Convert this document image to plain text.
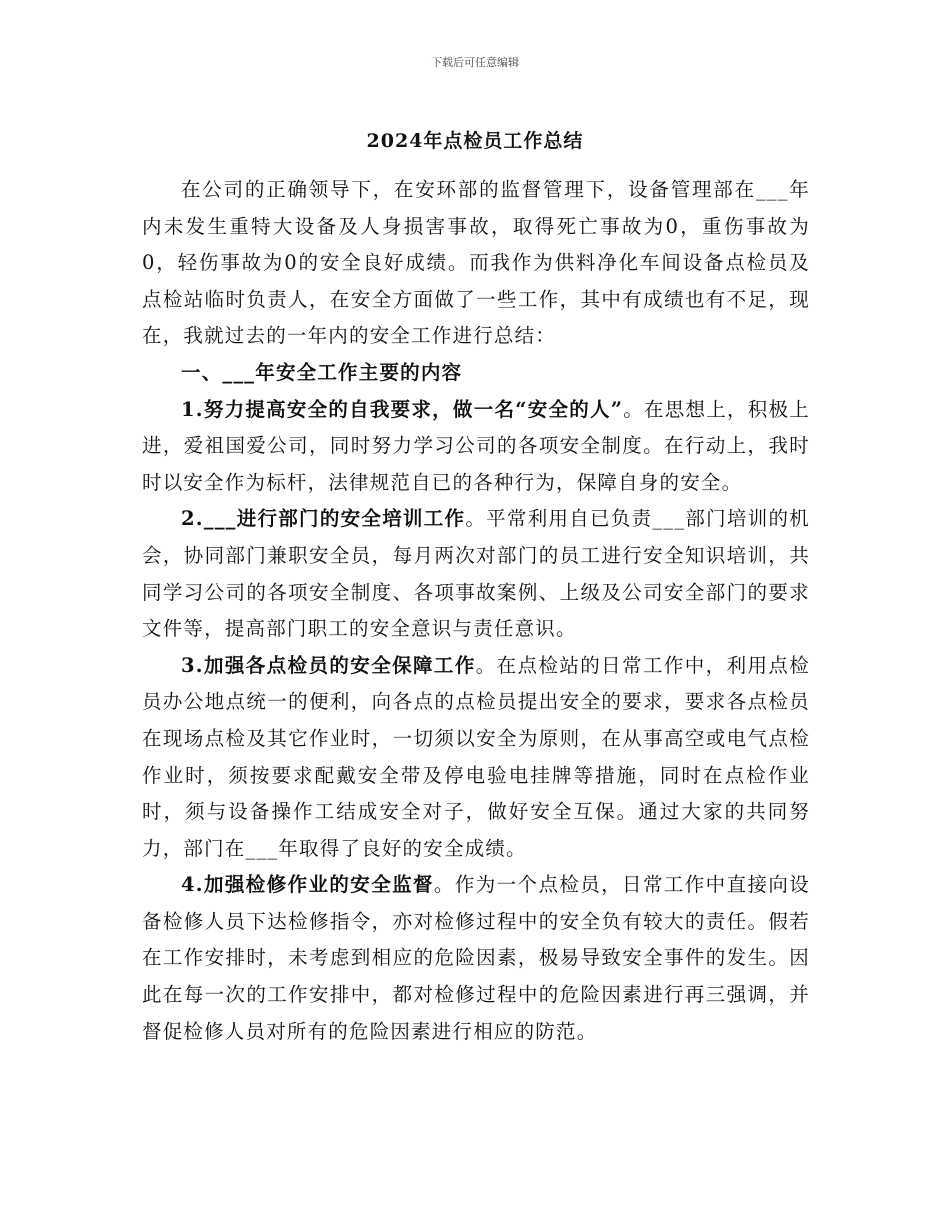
下载后可任意编辑
2024年点检员工作总结

在公司的正确领导下，在安环部的监督管理下，设备管理部在___年内未发生重特大设备及人身损害事故，取得死亡事故为0，重伤事故为0，轻伤事故为0的安全良好成绩。而我作为供料净化车间设备点检员及点检站临时负责人，在安全方面做了一些工作，其中有成绩也有不足，现在，我就过去的一年内的安全工作进行总结：

一、___年安全工作主要的内容

1.努力提高安全的自我要求，做一名“安全的人”。在思想上，积极上进，爱祖国爱公司，同时努力学习公司的各项安全制度。在行动上，我时时以安全作为标杆，法律规范自已的各种行为，保障自身的安全。

2.___进行部门的安全培训工作。平常利用自已负责___部门培训的机会，协同部门兼职安全员，每月两次对部门的员工进行安全知识培训，共同学习公司的各项安全制度、各项事故案例、上级及公司安全部门的要求文件等，提高部门职工的安全意识与责任意识。

3.加强各点检员的安全保障工作。在点检站的日常工作中，利用点检员办公地点统一的便利，向各点的点检员提出安全的要求，要求各点检员在现场点检及其它作业时，一切须以安全为原则，在从事高空或电气点检作业时，须按要求配戴安全带及停电验电挂牌等措施，同时在点检作业时，须与设备操作工结成安全对子，做好安全互保。通过大家的共同努力，部门在___年取得了良好的安全成绩。

4.加强检修作业的安全监督。作为一个点检员，日常工作中直接向设备检修人员下达检修指令，亦对检修过程中的安全负有较大的责任。假若在工作安排时，未考虑到相应的危险因素，极易导致安全事件的发生。因此在每一次的工作安排中，都对检修过程中的危险因素进行再三强调，并督促检修人员对所有的危险因素进行相应的防范。
